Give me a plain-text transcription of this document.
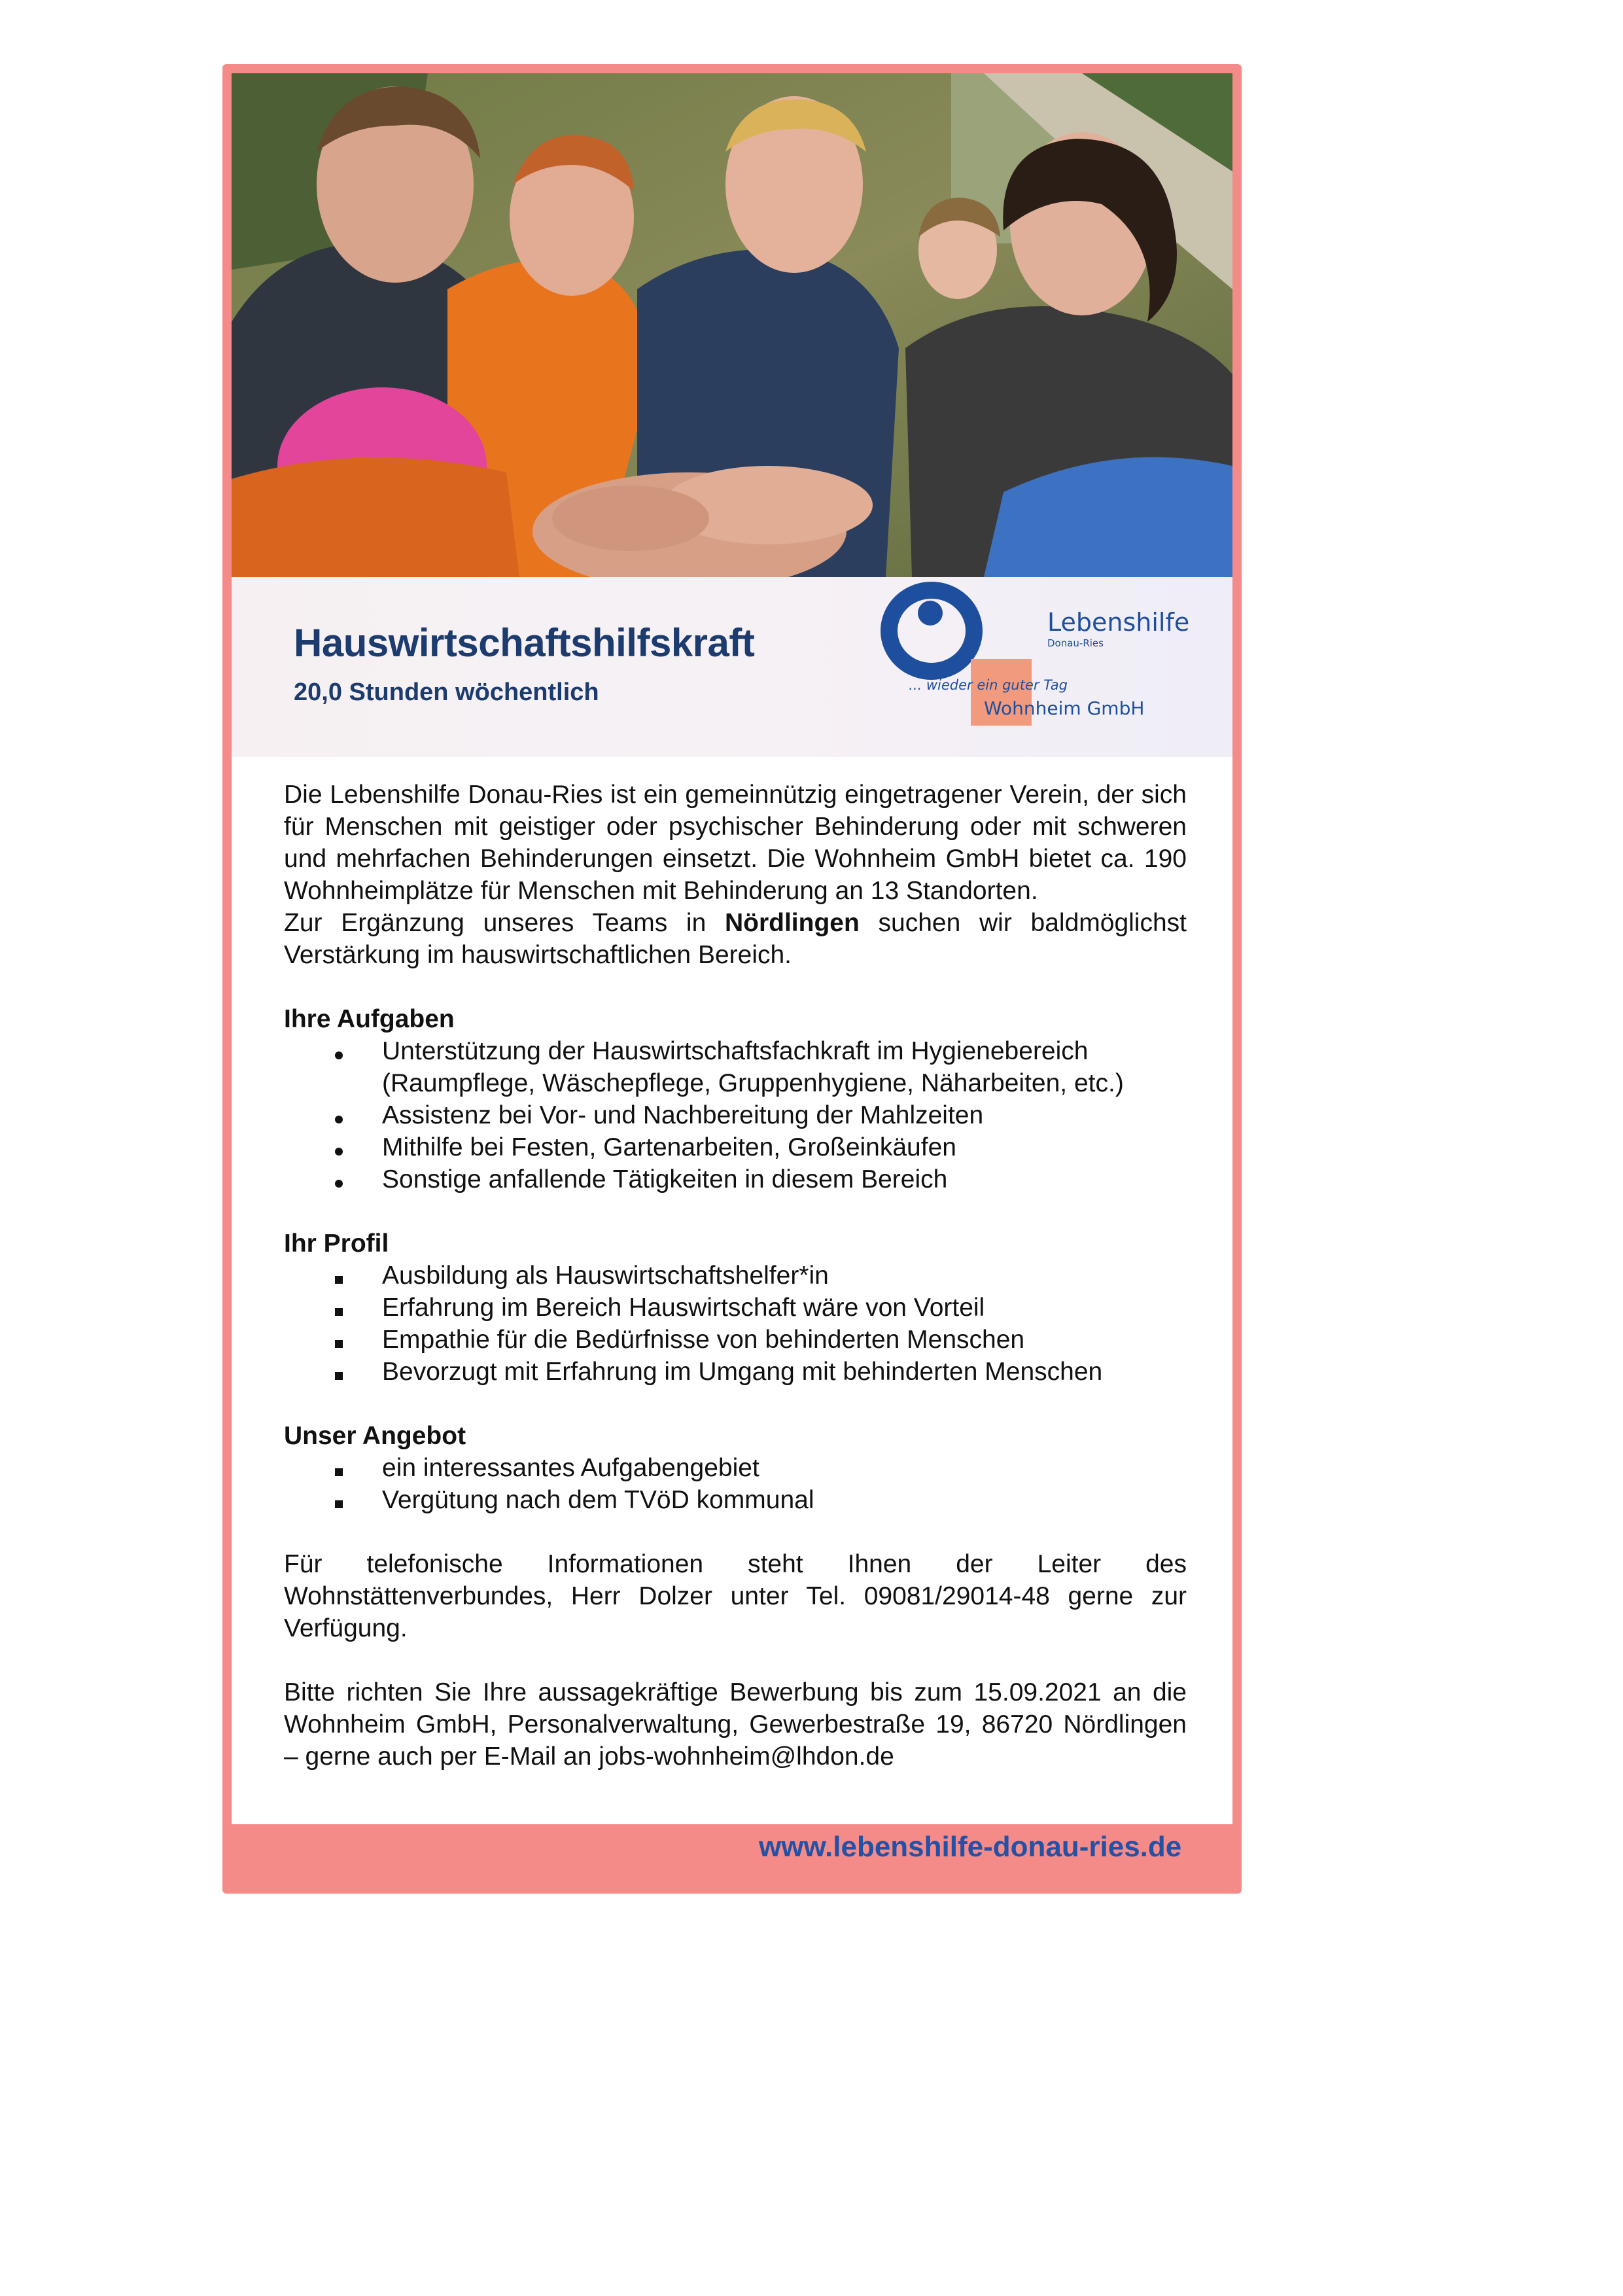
Hauswirtschaftshilfskraft
20,0 Stunden wöchentlich
Lebenshilfe
Donau-Ries
... wieder ein guter Tag
Wohnheim GmbH

Die Lebenshilfe Donau-Ries ist ein gemeinnützig eingetragener Verein, der sich für Menschen mit geistiger oder psychischer Behinderung oder mit schweren und mehrfachen Behinderungen einsetzt. Die Wohnheim GmbH bietet ca. 190 Wohnheimplätze für Menschen mit Behinderung an 13 Standorten.

Zur Ergänzung unseres Teams in Nördlingen suchen wir baldmöglichst Verstärkung im hauswirtschaftlichen Bereich.

Ihre Aufgaben

Unterstützung der Hauswirtschaftsfachkraft im Hygienebereich (Raumpflege, Wäschepflege, Gruppenhygiene, Näharbeiten, etc.)
Assistenz bei Vor- und Nachbereitung der Mahlzeiten
Mithilfe bei Festen, Gartenarbeiten, Großeinkäufen
Sonstige anfallende Tätigkeiten in diesem Bereich

Ihr Profil

Ausbildung als Hauswirtschaftshelfer*in
Erfahrung im Bereich Hauswirtschaft wäre von Vorteil
Empathie für die Bedürfnisse von behinderten Menschen
Bevorzugt mit Erfahrung im Umgang mit behinderten Menschen

Unser Angebot

ein interessantes Aufgabengebiet
Vergütung nach dem TVöD kommunal

Für telefonische Informationen steht Ihnen der Leiter des Wohnstättenverbundes, Herr Dolzer unter Tel. 09081/29014-48 gerne zur Verfügung.

Bitte richten Sie Ihre aussagekräftige Bewerbung bis zum 15.09.2021 an die Wohnheim GmbH, Personalverwaltung, Gewerbestraße 19, 86720 Nördlingen – gerne auch per E-Mail an jobs-wohnheim@lhdon.de

www.lebenshilfe-donau-ries.de
